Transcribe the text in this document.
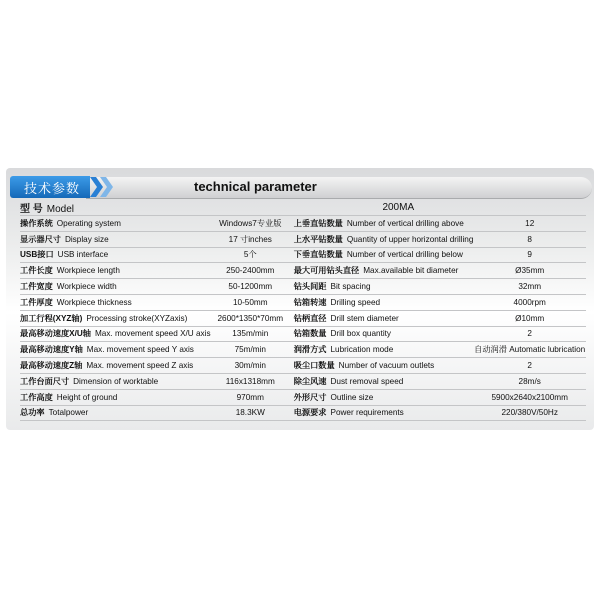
technical parameter
技术参数
型 号 Model	200MA			
操作系统 Operating system	Windows7专业版		上垂直钻数量 Number of vertical drilling above	12
显示器尺寸 Display size	17 寸inches		上水平钻数量 Quantity of upper horizontal drilling	8
USB接口 USB interface	5个		下垂直钻数量 Number of vertical drilling below	9
工件长度 Workpiece length	250-2400mm		最大可用钻头直径 Max.available bit diameter	Ø35mm
工件宽度 Workpiece width	50-1200mm		钻头间距 Bit spacing	32mm
工件厚度 Workpiece thickness	10-50mm		钻箱转速 Drilling speed	4000rpm
加工行程(XYZ轴) Processing stroke(XYZaxis)	2600*1350*70mm		钻柄直径 Drill stem diameter	Ø10mm
最高移动速度X/U轴 Max. movement speed X/U axis	135m/min		钻箱数量 Drill box quantity	2
最高移动速度Y轴 Max. movement speed Y axis	75m/min		润滑方式 Lubrication mode	自动润滑 Automatic lubrication
最高移动速度Z轴 Max. movement speed Z axis	30m/min		吸尘口数量 Number of vacuum outlets	2
工作台面尺寸 Dimension of worktable	116x1318mm		除尘风速 Dust removal speed	28m/s
工作高度 Height of ground	970mm		外形尺寸 Outline size	5900x2640x2100mm
总功率 Totalpower	18.3KW		电源要求 Power requirements	220/380V/50Hz
